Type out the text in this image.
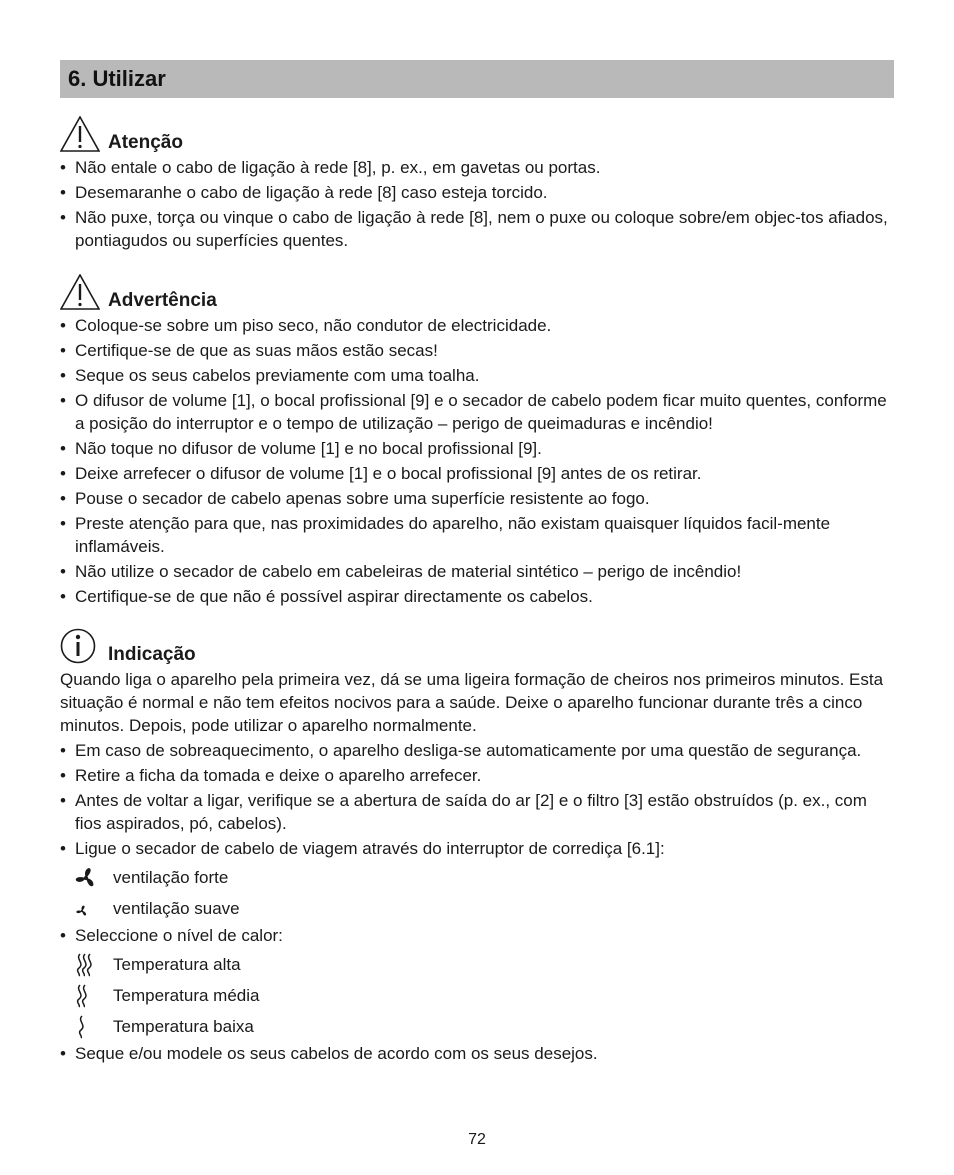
6. Utilizar
Atenção
• Não entale o cabo de ligação à rede [8], p. ex., em gavetas ou portas.
• Desemaranhe o cabo de ligação à rede [8] caso esteja torcido.
• Não puxe, torça ou vinque o cabo de ligação à rede [8], nem o puxe ou coloque sobre/em objec-tos afiados, pontiagudos ou superfícies quentes.
Advertência
• Coloque-se sobre um piso seco, não condutor de electricidade.
• Certifique-se de que as suas mãos estão secas!
• Seque os seus cabelos previamente com uma toalha.
• O difusor de volume [1], o bocal profissional [9] e o secador de cabelo podem ficar muito quentes, conforme a posição do interruptor e o tempo de utilização – perigo de queimaduras e incêndio!
• Não toque no difusor de volume [1] e no bocal profissional [9].
• Deixe arrefecer o difusor de volume [1] e o bocal profissional [9] antes de os retirar.
• Pouse o secador de cabelo apenas sobre uma superfície resistente ao fogo.
• Preste atenção para que, nas proximidades do aparelho, não existam quaisquer líquidos facil-mente inflamáveis.
• Não utilize o secador de cabelo em cabeleiras de material sintético – perigo de incêndio!
• Certifique-se de que não é possível aspirar directamente os cabelos.
Indicação
Quando liga o aparelho pela primeira vez, dá se uma ligeira formação de cheiros nos primeiros minutos. Esta situação é normal e não tem efeitos nocivos para a saúde. Deixe o aparelho funcionar durante três a cinco minutos. Depois, pode utilizar o aparelho normalmente.
• Em caso de sobreaquecimento, o aparelho desliga-se automaticamente por uma questão de segurança.
• Retire a ficha da tomada e deixe o aparelho arrefecer.
• Antes de voltar a ligar, verifique se a abertura de saída do ar [2] e o filtro [3] estão obstruídos (p. ex., com fios aspirados, pó, cabelos).
• Ligue o secador de cabelo de viagem através do interruptor de corrediça [6.1]:
ventilação forte
ventilação suave
• Seleccione o nível de calor:
Temperatura alta
Temperatura média
Temperatura baixa
• Seque e/ou modele os seus cabelos de acordo com os seus desejos.
72
